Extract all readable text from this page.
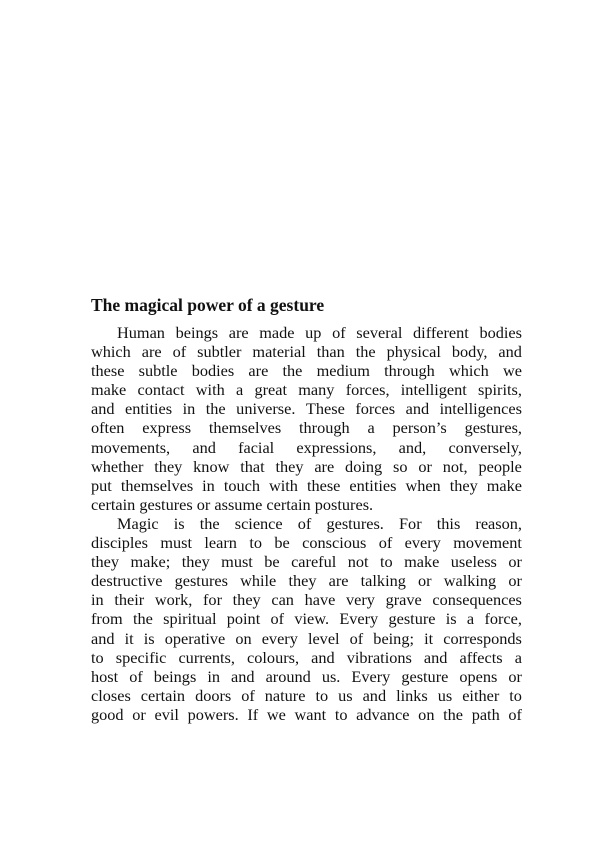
The magical power of a gesture
Human beings are made up of several different bodies
which are of subtler material than the physical body, and
these subtle bodies are the medium through which we
make contact with a great many forces, intelligent spirits,
and entities in the universe. These forces and intelligences
often express themselves through a person’s gestures,
movements, and facial expressions, and, conversely,
whether they know that they are doing so or not, people
put themselves in touch with these entities when they make
certain gestures or assume certain postures.
Magic is the science of gestures. For this reason,
disciples must learn to be conscious of every movement
they make; they must be careful not to make useless or
destructive gestures while they are talking or walking or
in their work, for they can have very grave consequences
from the spiritual point of view. Every gesture is a force,
and it is operative on every level of being; it corresponds
to specific currents, colours, and vibrations and affects a
host of beings in and around us. Every gesture opens or
closes certain doors of nature to us and links us either to
good or evil powers. If we want to advance on the path of
